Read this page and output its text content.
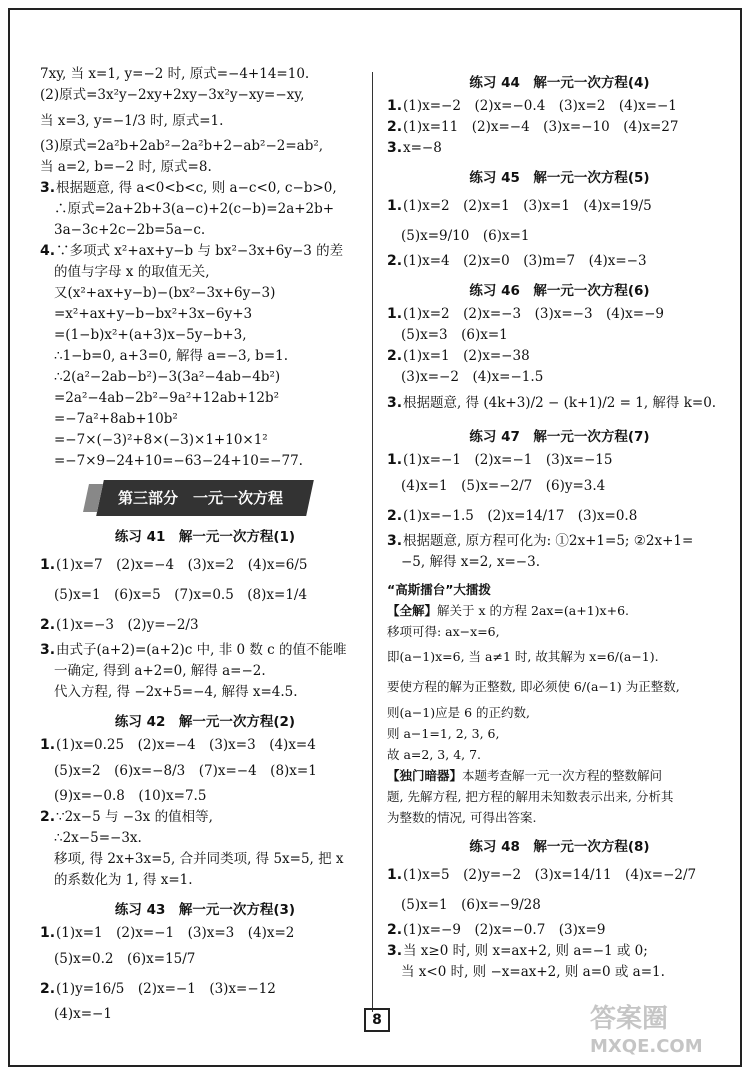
7xy, 当 x=1, y=−2 时, 原式=−4+14=10.
(2)原式=3x²y−2xy+2xy−3x²y−xy=−xy,
当 x=3, y=−1/3 时, 原式=1.
(3)原式=2a²b+2ab²−2a²b+2−ab²−2=ab²,
当 a=2, b=−2 时, 原式=8.
3.根据题意, 得 a<0<b<c, 则 a−c<0, c−b>0,
∴原式=2a+2b+3(a−c)+2(c−b)=2a+2b+
3a−3c+2c−2b=5a−c.
4.∵多项式 x²+ax+y−b 与 bx²−3x+6y−3 的差
的值与字母 x 的取值无关,
又(x²+ax+y−b)−(bx²−3x+6y−3)
=x²+ax+y−b−bx²+3x−6y+3
=(1−b)x²+(a+3)x−5y−b+3,
∴1−b=0, a+3=0, 解得 a=−3, b=1.
∴2(a²−2ab−b²)−3(3a²−4ab−4b²)
=2a²−4ab−2b²−9a²+12ab+12b²
=−7a²+8ab+10b²
=−7×(−3)²+8×(−3)×1+10×1²
=−7×9−24+10=−63−24+10=−77.
第三部分　一元一次方程
练习 41　解一元一次方程(1)
1.(1)x=7　(2)x=−4　(3)x=2　(4)x=6/5
(5)x=1　(6)x=5　(7)x=0.5　(8)x=1/4
2.(1)x=−3　(2)y=−2/3
3.由式子(a+2)=(a+2)c 中, 非 0 数 c 的值不能唯
一确定, 得到 a+2=0, 解得 a=−2.
代入方程, 得 −2x+5=−4, 解得 x=4.5.
练习 42　解一元一次方程(2)
1.(1)x=0.25　(2)x=−4　(3)x=3　(4)x=4
(5)x=2　(6)x=−8/3　(7)x=−4　(8)x=1
(9)x=−0.8　(10)x=7.5
2.∵2x−5 与 −3x 的值相等,
∴2x−5=−3x.
移项, 得 2x+3x=5, 合并同类项, 得 5x=5, 把 x
的系数化为 1, 得 x=1.
练习 43　解一元一次方程(3)
1.(1)x=1　(2)x=−1　(3)x=3　(4)x=2
(5)x=0.2　(6)x=15/7
2.(1)y=16/5　(2)x=−1　(3)x=−12
(4)x=−1
练习 44　解一元一次方程(4)
1.(1)x=−2　(2)x=−0.4　(3)x=2　(4)x=−1
2.(1)x=11　(2)x=−4　(3)x=−10　(4)x=27
3.x=−8
练习 45　解一元一次方程(5)
1.(1)x=2　(2)x=1　(3)x=1　(4)x=19/5
(5)x=9/10　(6)x=1
2.(1)x=4　(2)x=0　(3)m=7　(4)x=−3
练习 46　解一元一次方程(6)
1.(1)x=2　(2)x=−3　(3)x=−3　(4)x=−9
(5)x=3　(6)x=1
2.(1)x=1　(2)x=−38
(3)x=−2　(4)x=−1.5
3.根据题意, 得 (4k+3)/2 − (k+1)/2 = 1, 解得 k=0.
练习 47　解一元一次方程(7)
1.(1)x=−1　(2)x=−1　(3)x=−15
(4)x=1　(5)x=−2/7　(6)y=3.4
2.(1)x=−1.5　(2)x=14/17　(3)x=0.8
3.根据题意, 原方程可化为: ①2x+1=5; ②2x+1=
−5, 解得 x=2, x=−3.
“高斯擂台”大擂拨
【全解】解关于 x 的方程 2ax=(a+1)x+6.
移项可得: ax−x=6,
即(a−1)x=6, 当 a≠1 时, 故其解为 x=6/(a−1).
要使方程的解为正整数, 即必须使 6/(a−1) 为正整数,
则(a−1)应是 6 的正约数,
则 a−1=1, 2, 3, 6,
故 a=2, 3, 4, 7.
【独门暗器】本题考查解一元一次方程的整数解问
题, 先解方程, 把方程的解用未知数表示出来, 分析其
为整数的情况, 可得出答案.
练习 48　解一元一次方程(8)
1.(1)x=5　(2)y=−2　(3)x=14/11　(4)x=−2/7
(5)x=1　(6)x=−9/28
2.(1)x=−9　(2)x=−0.7　(3)x=9
3.当 x≥0 时, 则 x=ax+2, 则 a=−1 或 0;
当 x<0 时, 则 −x=ax+2, 则 a=0 或 a=1.
8	答案圈
MXQE.COM
